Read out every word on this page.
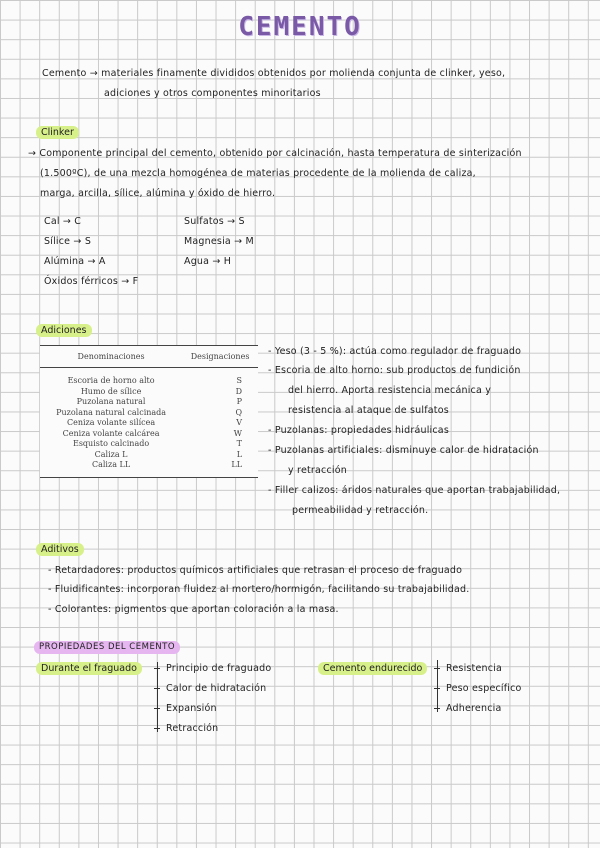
CEMENTO
Cemento → materiales finamente divididos obtenidos por molienda conjunta de clinker, yeso,
adiciones y otros componentes minoritarios
Clinker
→ Componente principal del cemento, obtenido por calcinación, hasta temperatura de sinterización
(1.500ºC), de una mezcla homogénea de materias procedente de la molienda de caliza,
marga, arcilla, sílice, alúmina y óxido de hierro.
Cal → C
Sílice → S
Alúmina → A
Óxidos férricos → F
Sulfatos → S
Magnesia → M
Agua → H
Adiciones
Denominaciones	Designaciones
Escoria de horno alto	S
Humo de sílice	D
Puzolana natural	P
Puzolana natural calcinada	Q
Ceniza volante silícea	V
Ceniza volante calcárea	W
Esquisto calcinado	T
Caliza L	L
Caliza LL	LL
- Yeso (3 - 5 %): actúa como regulador de fraguado
- Escoria de alto horno: sub productos de fundición
del hierro. Aporta resistencia mecánica y
resistencia al ataque de sulfatos
- Puzolanas: propiedades hidráulicas
- Puzolanas artificiales: disminuye calor de hidratación
y retracción
- Filler calizos: áridos naturales que aportan trabajabilidad,
permeabilidad y retracción.
Aditivos
- Retardadores: productos químicos artificiales que retrasan el proceso de fraguado
- Fluidificantes: incorporan fluidez al mortero/hormigón, facilitando su trabajabilidad.
- Colorantes: pigmentos que aportan coloración a la masa.
PROPIEDADES DEL CEMENTO
Durante el fraguado	Principio de fraguado
Calor de hidratación
Expansión
Retracción
Cemento endurecido	Resistencia
Peso específico
Adherencia
